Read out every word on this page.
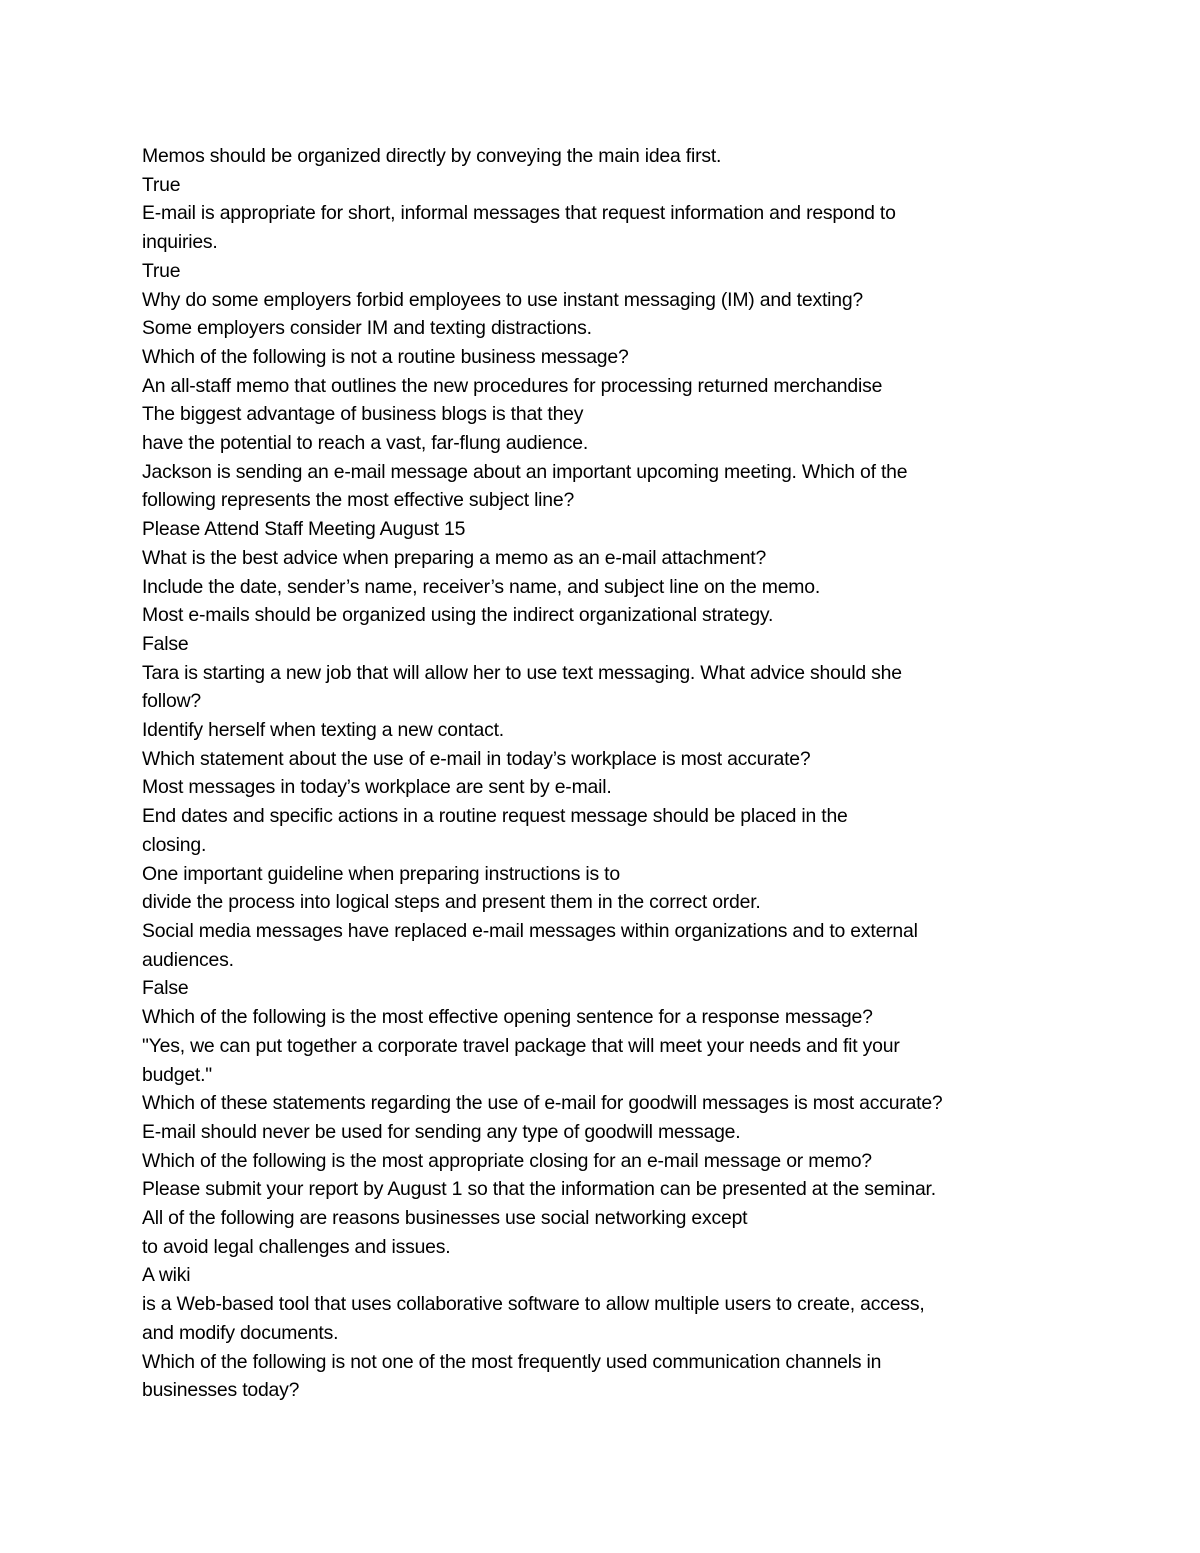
Memos should be organized directly by conveying the main idea first.
True
E-mail is appropriate for short, informal messages that request information and respond to
inquiries.
True
Why do some employers forbid employees to use instant messaging (IM) and texting?
Some employers consider IM and texting distractions.
Which of the following is not a routine business message?
An all-staff memo that outlines the new procedures for processing returned merchandise
The biggest advantage of business blogs is that they
have the potential to reach a vast, far-flung audience.
Jackson is sending an e-mail message about an important upcoming meeting. Which of the
following represents the most effective subject line?
Please Attend Staff Meeting August 15
What is the best advice when preparing a memo as an e-mail attachment?
Include the date, sender’s name, receiver’s name, and subject line on the memo.
Most e-mails should be organized using the indirect organizational strategy.
False
Tara is starting a new job that will allow her to use text messaging. What advice should she
follow?
Identify herself when texting a new contact.
Which statement about the use of e-mail in today’s workplace is most accurate?
Most messages in today’s workplace are sent by e-mail.
End dates and specific actions in a routine request message should be placed in the
closing.
One important guideline when preparing instructions is to
divide the process into logical steps and present them in the correct order.
Social media messages have replaced e-mail messages within organizations and to external
audiences.
False
Which of the following is the most effective opening sentence for a response message?
"Yes, we can put together a corporate travel package that will meet your needs and fit your
budget."
Which of these statements regarding the use of e-mail for goodwill messages is most accurate?
E-mail should never be used for sending any type of goodwill message.
Which of the following is the most appropriate closing for an e-mail message or memo?
Please submit your report by August 1 so that the information can be presented at the seminar.
All of the following are reasons businesses use social networking except
to avoid legal challenges and issues.
A wiki
is a Web-based tool that uses collaborative software to allow multiple users to create, access,
and modify documents.
Which of the following is not one of the most frequently used communication channels in
businesses today?
